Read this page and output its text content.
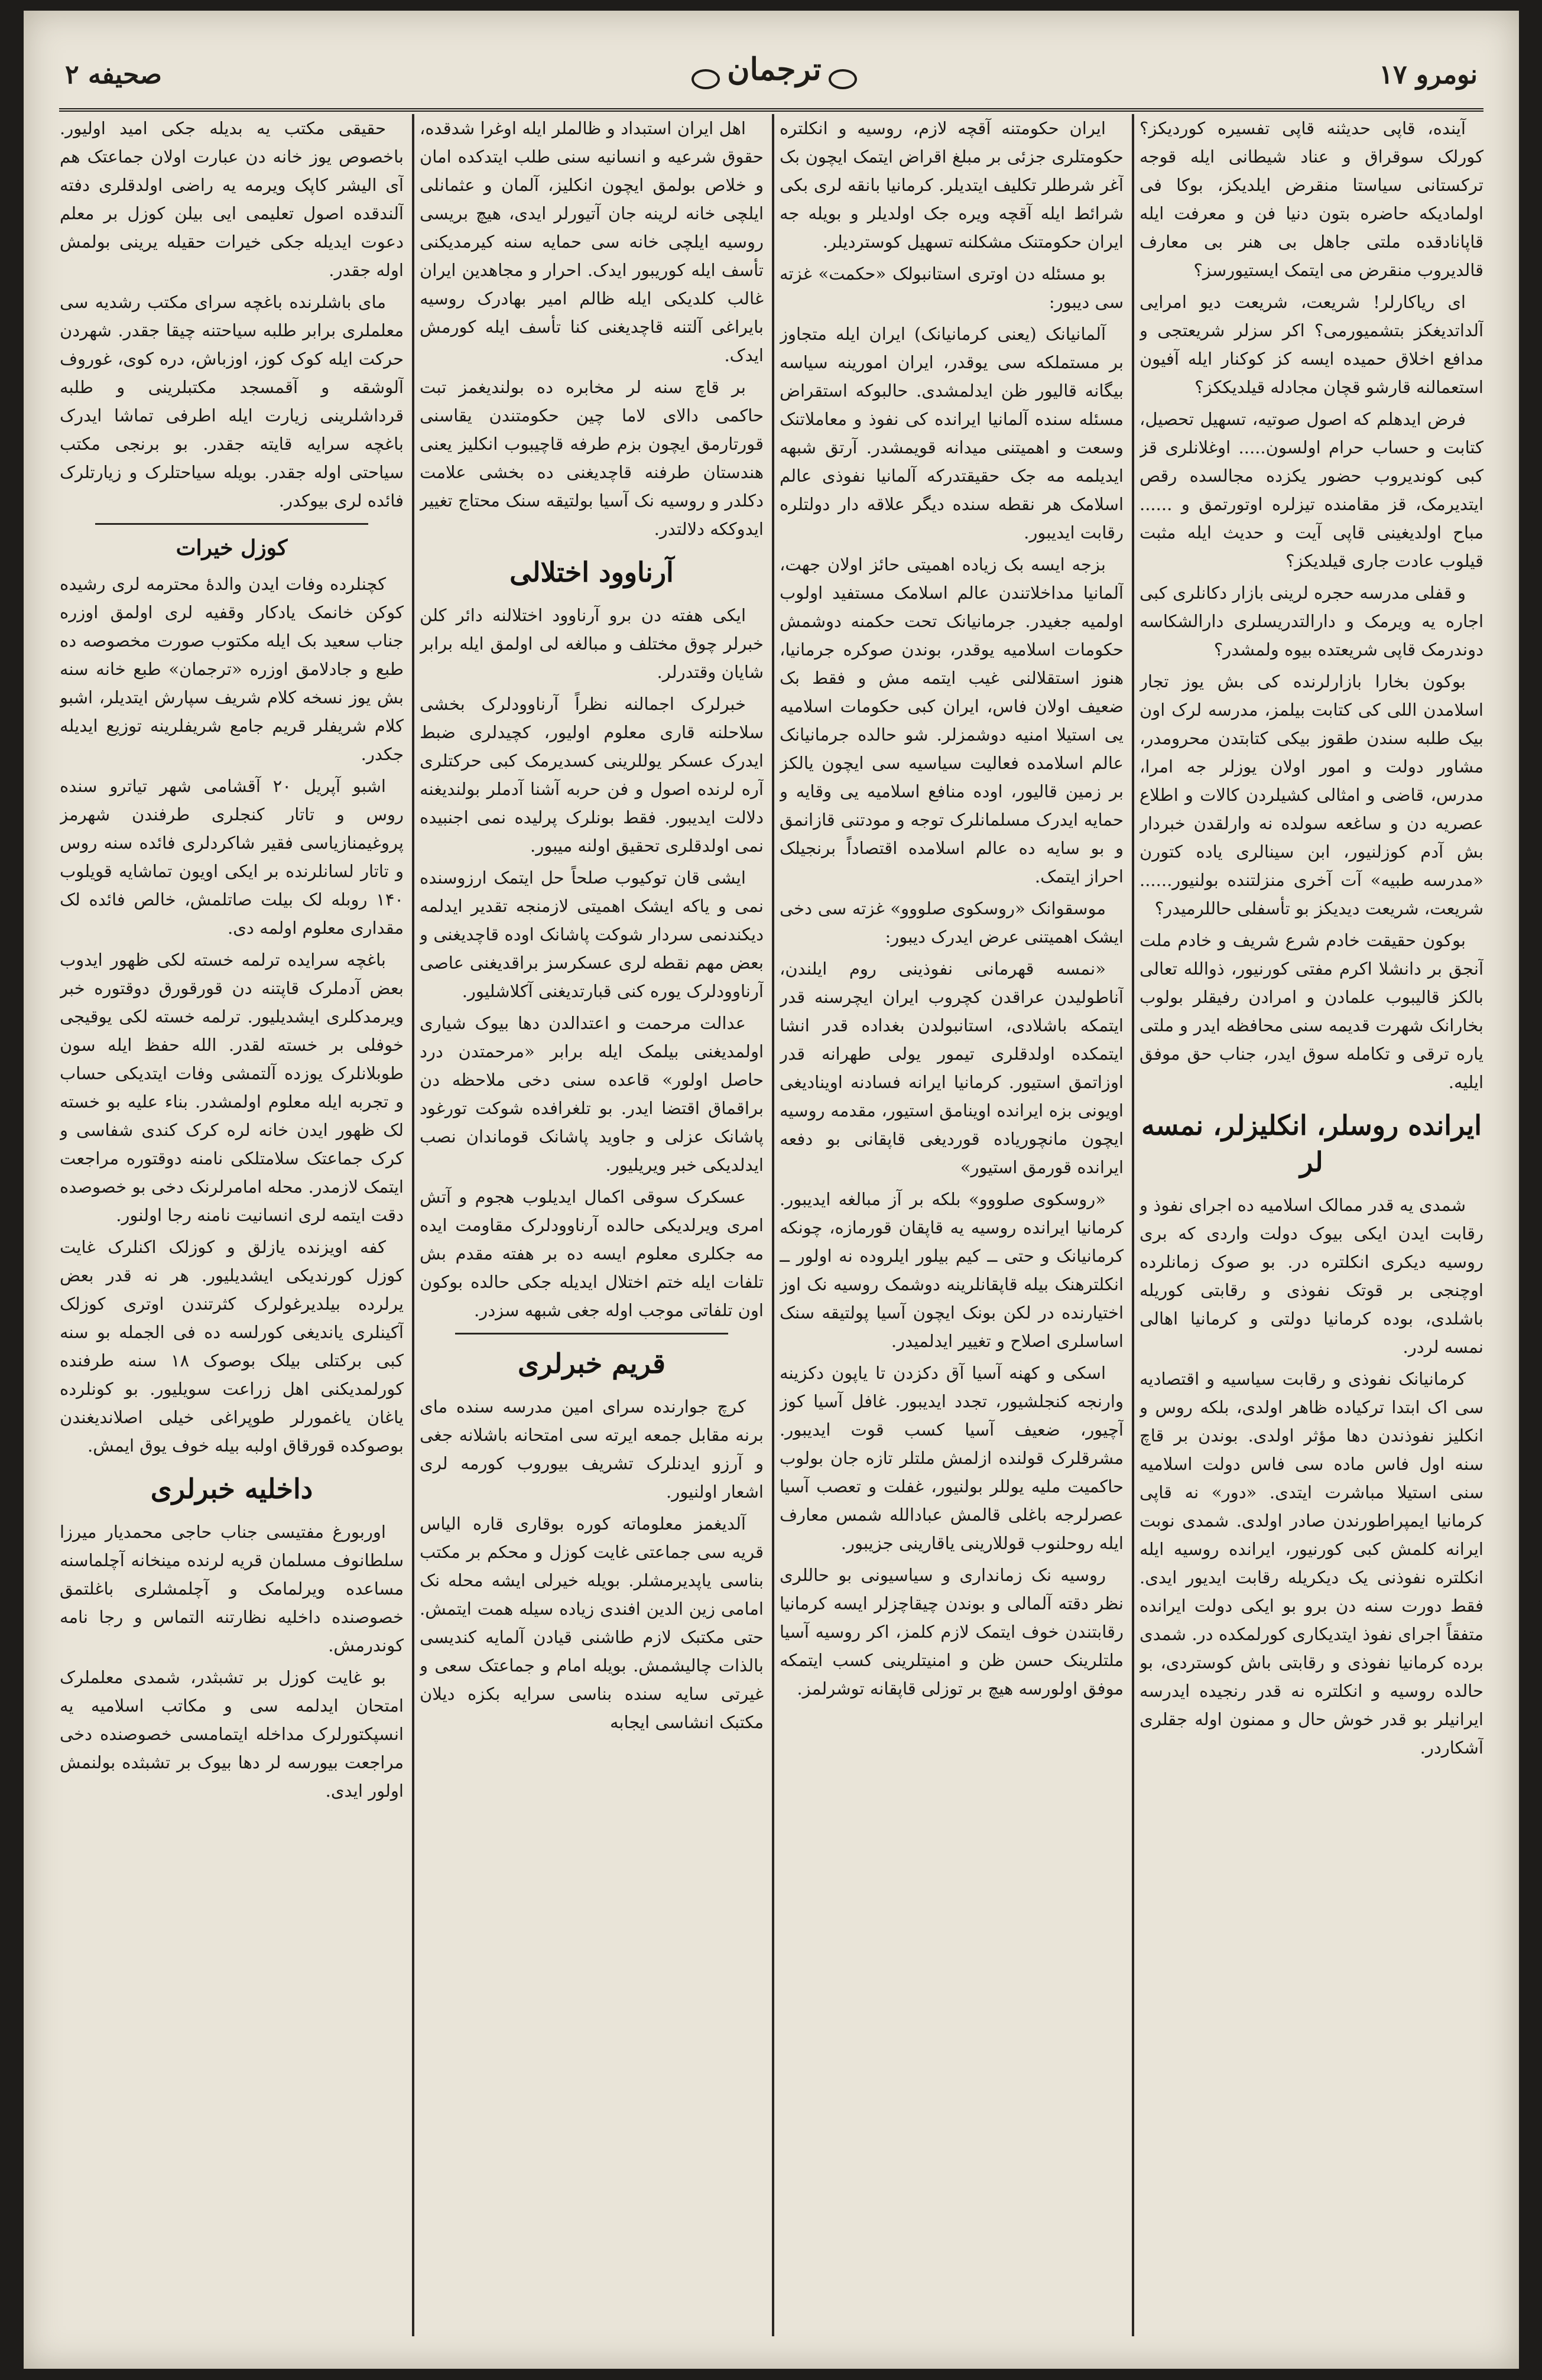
نومرو ۱۷
ترجمان
صحیفه ۲

آینده، قاپی حدیثنه قاپی تفسیره کوردیکز؟ کورلک سوقراق و عناد شیطانی ایله قوجه ترکستانی سیاستا منقرض ایلدیکز، بوکا فی اولمادیکه حاضره بتون دنیا فن و معرفت ایله قاپانادقده ملتی جاهل بی هنر بی معارف قالدیروب منقرض می ایتمک ایستیورسز؟

ای ریاکارلر! شریعت، شریعت دیو امرایی آلداتدیغکز بتشمیورمی؟ اکر سزلر شریعتجی و مدافع اخلاق حمیده ایسه کز کوکنار ایله آفیون استعمالنه قارشو قچان مجادله قیلدیککز؟

فرض ایدهلم که اصول صوتیه، تسهیل تحصیل، کتابت و حساب حرام اولسون..... اوغلانلری قز کبی کوندیروب حضور یکزده مجالسده رقص ایتدیرمک، قز مقامنده تیزلره اوتورتمق و ...... مباح اولدیغینی قاپی آیت و حدیث ایله مثبت قیلوب عادت جاری قیلدیکز؟

و قفلی مدرسه حجره لرینی بازار دکانلری کبی اجاره یه ویرمک و دارالتدریسلری دارالشکاسه دوندرمک قاپی شریعتده بیوه ولمشدر؟

بوکون بخارا بازارلرنده کی بش یوز تجار اسلامدن اللی کی کتابت بیلمز، مدرسه لرک اون بیک طلبه سندن طقوز بیکی کتابتدن محرومدر، مشاور دولت و امور اولان یوزلر جه امرا، مدرس، قاضی و امثالی کشیلردن کالات و اطلاع عصریه دن و ساغعه سولده نه وارلقدن خبردار بش آدم کوزلنیور، ابن سینالری یاده کتورن «مدرسه طبیه» آت آخری منزلتنده بولنیور...... شریعت، شریعت دیدیکز بو تأسفلی حاللرمیدر؟

بوکون حقیقت خادم شرع شریف و خادم ملت آنجق بر دانشلا اکرم مفتی کورنیور، ذوالله تعالی بالکز قالیبوب علمادن و امرادن رفیقلر بولوب بخارانک شهرت قدیمه سنی محافظه ایدر و ملتی یاره ترقی و تکامله سوق ایدر، جناب حق موفق ایلیه.

ایرانده روسلر، انکلیزلر، نمسه لر

شمدی یه قدر ممالک اسلامیه ده اجرای نفوذ و رقابت ایدن ایکی بیوک دولت واردی که بری روسیه دیکری انکلتره در. بو صوک زمانلرده اوچنجی بر قوتک نفوذی و رقابتی کوریله باشلدی، بوده کرمانیا دولتی و کرمانیا اهالی نمسه لردر.

کرمانیانک نفوذی و رقابت سیاسیه و اقتصادیه سی اک ابتدا ترکیاده ظاهر اولدی، بلکه روس و انکلیز نفوذندن دها مؤثر اولدی. بوندن بر قاچ سنه اول فاس ماده سی فاس دولت اسلامیه سنی استیلا مباشرت ایتدی. «دور» نه قاپی کرمانیا ایمپراطورندن صادر اولدی. شمدی نوبت ایرانه کلمش کبی کورنیور، ایرانده روسیه ایله انکلتره نفوذنی یک دیکریله رقابت ایدیور ایدی. فقط دورت سنه دن برو بو ایکی دولت ایرانده متفقاً اجرای نفوذ ایتدیکاری کورلمکده در. شمدی برده کرمانیا نفوذی و رقابتی باش کوستردی، بو حالده روسیه و انکلتره نه قدر رنجیده ایدرسه ایرانیلر بو قدر خوش حال و ممنون اوله جقلری آشکاردر.

ایران حکومتنه آقچه لازم، روسیه و انکلتره حکومتلری جزئی بر مبلغ اقراض ایتمک ایچون بک آغر شرطلر تکلیف ایتدیلر. کرمانیا بانقه لری بکی شرائط ایله آقچه ویره جک اولدیلر و بویله جه ایران حکومتنک مشکلنه تسهیل کوستردیلر.

بو مسئله دن اوتری استانبولک «حکمت» غزته سی دیبور:

آلمانیانک (یعنی کرمانیانک) ایران ایله متجاوز بر مستملکه سی یوقدر، ایران امورینه سیاسه بیگانه قالیور ظن ایدلمشدی. حالبوکه استقراض مسئله سنده آلمانیا ایرانده کی نفوذ و معاملاتنک وسعت و اهمیتنی میدانه قویمشدر. آرتق شبهه ایدیلمه مه جک حقیقتدرکه آلمانیا نفوذی عالم اسلامک هر نقطه سنده دیگر علاقه دار دولتلره رقابت ایدیبور.

بزجه ایسه بک زیاده اهمیتی حائز اولان جهت، آلمانیا مداخلاتندن عالم اسلامک مستفید اولوب اولمیه جغیدر. جرمانیانک تحت حکمنه دوشمش حکومات اسلامیه یوقدر، بوندن صوکره جرمانیا، هنوز استقلالنی غیب ایتمه مش و فقط بک ضعیف اولان فاس، ایران کبی حکومات اسلامیه یی استیلا امنیه دوشمزلر. شو حالده جرمانیانک عالم اسلامده فعالیت سیاسیه سی ایچون یالکز بر زمین قالیور، اوده منافع اسلامیه یی وقایه و حمایه ایدرک مسلمانلرک توجه و مودتنی قازانمق و بو سایه ده عالم اسلامده اقتصاداً برنجیلک احراز ایتمک.

موسقوانک «روسکوی صلووو» غزته سی دخی ایشک اهمیتنی عرض ایدرک دیبور:

«نمسه قهرمانی نفوذینی روم ایلندن، آناطولیدن عراقدن کچروب ایران ایچرسنه قدر ایتمکه باشلادی، استانبولدن بغداده قدر انشا ایتمکده اولدقلری تیمور یولی طهرانه قدر اوزاتمق استیور. کرمانیا ایرانه فسادنه اوینادیغی اویونی بزه ایرانده اوینامق استیور، مقدمه روسیه ایچون مانچوریاده قوردیغی قاپقانی بو دفعه ایرانده قورمق استیور»

«روسکوی صلووو» بلکه بر آز مبالغه ایدیبور. کرمانیا ایرانده روسیه یه قاپقان قورمازه، چونکه کرمانیانک و حتی ــ کیم بیلور ایلروده نه اولور ــ انکلترهنک بیله قاپقانلرینه دوشمک روسیه نک اوز اختیارنده در لکن بونک ایچون آسیا پولتیقه سنک اساسلری اصلاح و تغییر ایدلمیدر.

اسکی و کهنه آسیا آق دکزدن تا یاپون دکزینه وارنجه کنجلشیور، تجدد ایدیبور. غافل آسیا کوز آچیور، ضعیف آسیا کسب قوت ایدیبور. مشرقلرک قولنده ازلمش ملتلر تازه جان بولوب حاکمیت ملیه یوللر بولنیور، غفلت و تعصب آسیا عصرلرجه باغلی قالمش عبادالله شمس معارف ایله روحلنوب قوللارینی یاقارینی جزیبور.

روسیه نک زمانداری و سیاسیونی بو حاللری نظر دقته آلمالی و بوندن چیقاچزلر ایسه کرمانیا رقابتندن خوف ایتمک لازم کلمز، اکر روسیه آسیا ملتلرینک حسن ظن و امنیتلرینی کسب ایتمکه موفق اولورسه هیچ بر توزلی قاپقانه توشرلمز.

اهل ایران استبداد و ظالملر ایله اوغرا شدقده، حقوق شرعیه و انسانیه سنی طلب ایتدکده امان و خلاص بولمق ایچون انکلیز، آلمان و عثمانلی ایلچی خانه لرینه جان آتیورلر ایدی، هیچ بریسی روسیه ایلچی خانه سی حمایه سنه کیرمدیکنی تأسف ایله کوریبور ایدک. احرار و مجاهدین ایران غالب کلدیکی ایله ظالم امیر بهادرک روسیه بایراغی آلتنه قاچدیغنی کنا تأسف ایله کورمش ایدک.

بر قاچ سنه لر مخابره ده بولندیغمز تبت حاکمی دالای لاما چین حکومتندن یقاسنی قورتارمق ایچون بزم طرفه قاچیبوب انکلیز یعنی هندستان طرفنه قاچدیغنی ده بخشی علامت دکلدر و روسیه نک آسیا بولتیقه سنک محتاج تغییر ایدوککه دلالتدر.

آرناوود اختلالی

ایکی هفته دن برو آرناوود اختلالنه دائر کلن خبرلر چوق مختلف و مبالغه لی اولمق ایله برابر شایان وقتدرلر.

خبرلرک اجمالنه نظراً آرناوودلرک بخشی سلاحلنه قاری معلوم اولیور، کچیدلری ضبط ایدرک عسکر یوللرینی کسدیرمک کبی حرکتلری آره لرنده اصول و فن حربه آشنا آدملر بولندیغنه دلالت ایدیبور. فقط بونلرک پرلیده نمی اجنبیده نمی اولدقلری تحقیق اولنه میبور.

ایشی قان توکیوب صلحاً حل ایتمک ارزوسنده نمی و یاکه ایشک اهمیتی لازمنجه تقدیر ایدلمه دیکندنمی سردار شوکت پاشانک اوده قاچدیغنی و بعض مهم نقطه لری عسکرسز براقدیغنی عاصی آرناوودلرک یوره کنی قبارتدیغنی آکلاشلیور.

عدالت مرحمت و اعتدالدن دها بیوک شیاری اولمدیغنی بیلمک ایله برابر «مرحمتدن درد حاصل اولور» قاعده سنی دخی ملاحظه دن براقماق اقتضا ایدر. بو تلغرافده شوکت تورغود پاشانک عزلی و جاوید پاشانک قوماندان نصب ایدلدیکی خبر ویریلیور.

عسکرک سوقی اکمال ایدیلوب هجوم و آتش امری ویرلدیکی حالده آرناوودلرک مقاومت ایده مه جکلری معلوم ایسه ده بر هفته مقدم بش تلفات ایله ختم اختلال ایدیله جکی حالده بوکون اون تلفاتی موجب اوله جغی شبهه سزدر.

قریم خبرلری

کرچ جوارنده سرای امین مدرسه سنده مای برنه مقابل جمعه ایرته سی امتحانه باشلانه جغی و آرزو ایدنلرک تشریف بیوروب کورمه لری اشعار اولنیور.

آلدیغمز معلوماته کوره بوقاری قاره الیاس قریه سی جماعتی غایت کوزل و محکم بر مکتب بناسی یاپدیرمشلر. بویله خیرلی ایشه محله نک امامی زین الدین افندی زیاده سیله همت ایتمش. حتی مکتبک لازم طاشنی قیادن آلمایه کندیسی بالذات چالیشمش. بویله امام و جماعتک سعی و غیرتی سایه سنده بناسی سرایه بکزه دیلان مکتبک انشاسی ایجابه

حقیقی مکتب یه بدیله جکی امید اولیور. باخصوص یوز خانه دن عبارت اولان جماعتک هم آی الیشر کاپک ویرمه یه راضی اولدقلری دفته آلندقده اصول تعلیمی ایی بیلن کوزل بر معلم دعوت ایدیله جکی خیرات حقیله یرینی بولمش اوله جقدر.

مای باشلرنده باغچه سرای مکتب رشدیه سی معلملری برابر طلبه سیاحتنه چیقا جقدر. شهردن حرکت ایله کوک کوز، اوزباش، دره کوی، غوروف آلوشقه و آقمسجد مکتبلرینی و طلبه قرداشلرینی زیارت ایله اطرفی تماشا ایدرک باغچه سرایه قایته جقدر. بو برنجی مکتب سیاحتی اوله جقدر. بویله سیاحتلرک و زیارتلرک فائده لری بیوکدر.

کوزل خیرات

کچنلرده وفات ایدن والدۀ محترمه لری رشیده کوکن خانمک یادکار وقفیه لری اولمق اوزره جناب سعید بک ایله مکتوب صورت مخصوصه ده طبع و جادلامق اوزره «ترجمان» طبع خانه سنه بش یوز نسخه کلام شریف سپارش ایتدیلر، اشبو کلام شریفلر قریم جامع شریفلرینه توزیع ایدیله جکدر.

اشبو آپریل ۲۰ آقشامی شهر تیاترو سنده روس و تاتار کنجلری طرفندن شهرمز پروغیمنازیاسی فقیر شاکردلری فائده سنه روس و تاتار لسانلرنده بر ایکی اویون تماشایه قویلوب ۱۴۰ روبله لک بیلت صاتلمش، خالص فائده لک مقداری معلوم اولمه دی.

باغچه سرایده ترلمه خسته لکی ظهور ایدوب بعض آدملرک قاپتنه دن قورقورق دوقتوره خبر ویرمدکلری ایشدیلیور. ترلمه خسته لکی یوقیجی خوفلی بر خسته لقدر. الله حفظ ایله سون طوبلانلرک یوزده آلتمشی وفات ایتدیکی حساب و تجربه ایله معلوم اولمشدر. بناء علیه بو خسته لک ظهور ایدن خانه لره کرک کندی شفاسی و کرک جماعتک سلامتلکی نامنه دوقتوره مراجعت ایتمک لازمدر. محله امامرلرنک دخی بو خصوصده دقت ایتمه لری انسانیت نامنه رجا اولنور.

کفه اویزنده یازلق و کوزلک اکنلرک غایت کوزل کورندیکی ایشدیلیور. هر نه قدر بعض یرلرده بیلدیرغولرک کثرتندن اوتری کوزلک آکینلری یاندیغی کورلسه ده فی الجمله بو سنه کبی برکتلی بیلک بوصوک ۱۸ سنه طرفنده کورلمدیکنی اهل زراعت سویلیور. بو کونلرده یاغان یاغمورلر طوپراغی خیلی اصلاندیغندن بوصوکده قورقاق اولبه بیله خوف یوق ایمش.

داخلیه خبرلری

اوربورغ مفتیسی جناب حاجی محمدیار میرزا سلطانوف مسلمان قریه لرنده مینخانه آچلماسنه مساعده ویرلمامک و آچلمشلری باغلتمق خصوصنده داخلیه نظارتنه التماس و رجا نامه کوندرمش.

بو غایت کوزل بر تشبثدر، شمدی معلملرک امتحان ایدلمه سی و مکاتب اسلامیه یه انسپکتورلرک مداخله ایتمامسی خصوصنده دخی مراجعت بیورسه لر دها بیوک بر تشبثده بولنمش اولور ایدی.
